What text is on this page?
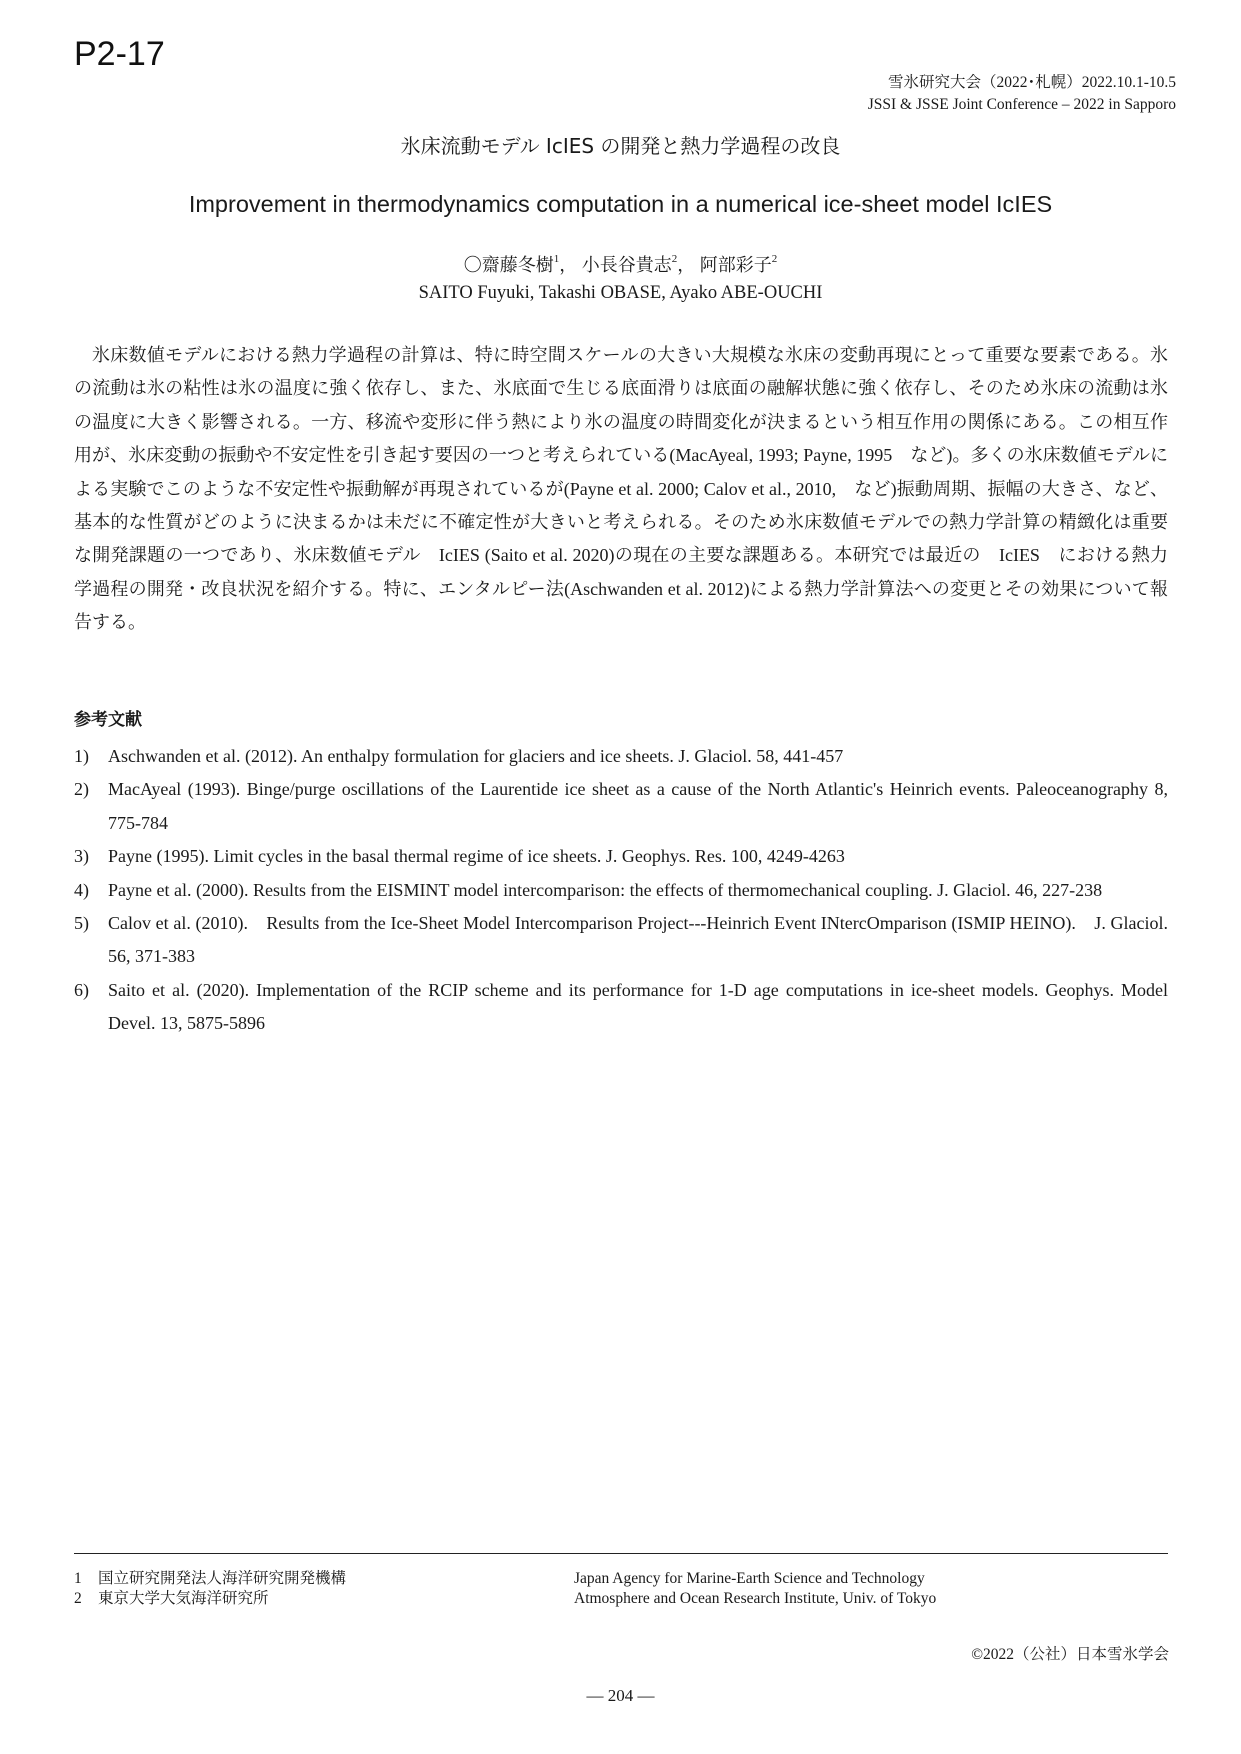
P2-17
雪氷研究大会（2022･札幌）2022.10.1‑10.5
JSSI & JSSE Joint Conference – 2022 in Sapporo
氷床流動モデル IcIES の開発と熱力学過程の改良
Improvement in thermodynamics computation in a numerical ice-sheet model IcIES
〇齋藤冬樹$^1$， 小長谷貴志$^2$， 阿部彩子$^2$
SAITO Fuyuki, Takashi OBASE, Ayako ABE-OUCHI

氷床数値モデルにおける熱力学過程の計算は、特に時空間スケールの大きい大規模な氷床の変動再現にとって重要な要素である。氷の流動は氷の粘性は氷の温度に強く依存し、また、氷底面で生じる底面滑りは底面の融解状態に強く依存し、そのため氷床の流動は氷の温度に大きく影響される。一方、移流や変形に伴う熱により氷の温度の時間変化が決まるという相互作用の関係にある。この相互作用が、氷床変動の振動や不安定性を引き起す要因の一つと考えられている(MacAyeal, 1993; Payne, 1995　など)。多くの氷床数値モデルによる実験でこのような不安定性や振動解が再現されているが(Payne et al. 2000; Calov et al., 2010,　など)振動周期、振幅の大きさ、など、基本的な性質がどのように決まるかは未だに不確定性が大きいと考えられる。そのため氷床数値モデルでの熱力学計算の精緻化は重要な開発課題の一つであり、氷床数値モデル　IcIES (Saito et al. 2020)の現在の主要な課題ある。本研究では最近の　IcIES　における熱力学過程の開発・改良状況を紹介する。特に、エンタルピー法(Aschwanden et al. 2012)による熱力学計算法への変更とその効果について報告する。

参考文献
1) Aschwanden et al. (2012). An enthalpy formulation for glaciers and ice sheets. J. Glaciol. 58, 441-457
2) MacAyeal (1993). Binge/purge oscillations of the Laurentide ice sheet as a cause of the North Atlantic's Heinrich events. Paleoceanography 8, 775-784
3) Payne (1995). Limit cycles in the basal thermal regime of ice sheets. J. Geophys. Res. 100, 4249-4263
4) Payne et al. (2000). Results from the EISMINT model intercomparison: the effects of thermomechanical coupling. J. Glaciol. 46, 227-238
5) Calov et al. (2010).　Results from the Ice-Sheet Model Intercomparison Project---Heinrich Event INtercOmparison (ISMIP HEINO).　J. Glaciol. 56, 371-383
6) Saito et al. (2020). Implementation of the RCIP scheme and its performance for 1-D age computations in ice-sheet models. Geophys. Model Devel. 13, 5875-5896
1 国立研究開発法人海洋研究開発機構	Japan Agency for Marine-Earth Science and Technology
2 東京大学大気海洋研究所	Atmosphere and Ocean Research Institute, Univ. of Tokyo
©2022（公社）日本雪氷学会
― 204 ―
